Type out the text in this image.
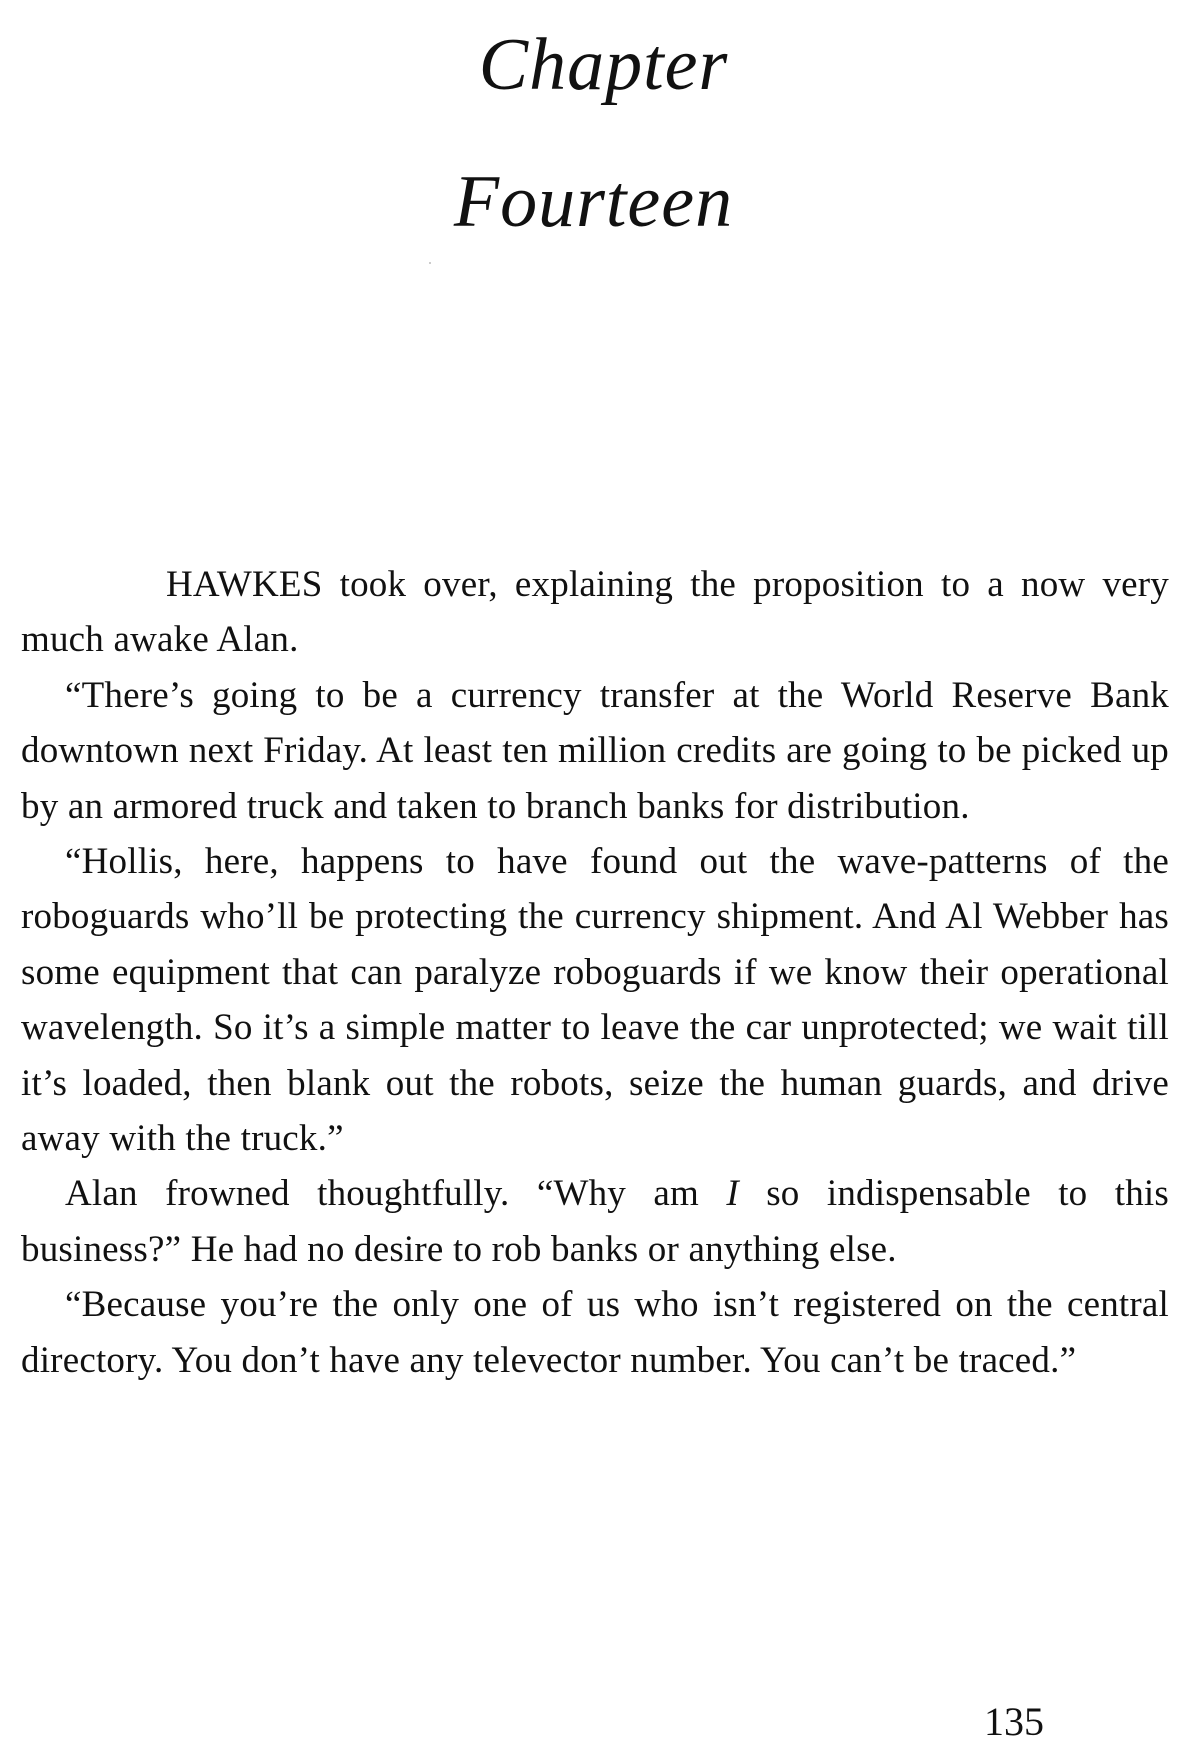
Chapter
Fourteen

HAWKES took over, explaining the proposition to a now very much awake Alan.

“There’s going to be a currency transfer at the World Reserve Bank downtown next Friday. At least ten million credits are going to be picked up by an armored truck and taken to branch banks for distribution.

“Hollis, here, happens to have found out the wave-patterns of the roboguards who’ll be protecting the currency shipment. And Al Webber has some equipment that can paralyze roboguards if we know their operational wavelength. So it’s a simple matter to leave the car unprotected; we wait till it’s loaded, then blank out the robots, seize the human guards, and drive away with the truck.”

Alan frowned thoughtfully. “Why am I so indispensable to this business?” He had no desire to rob banks or anything else.

“Because you’re the only one of us who isn’t registered on the central directory. You don’t have any televector number. You can’t be traced.”

135
